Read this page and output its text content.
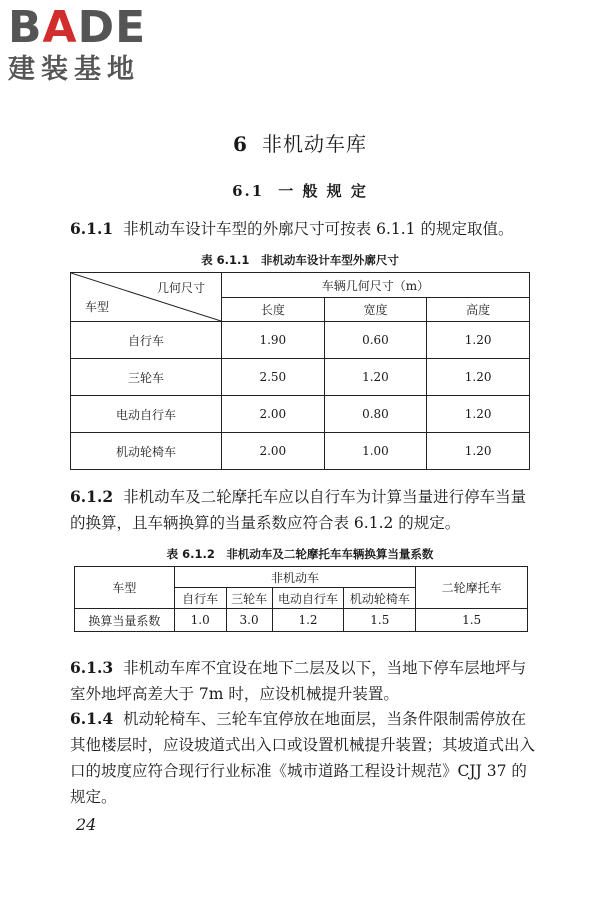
BADE
建装基地
6 非机动车库
6.1 一 般 规 定

6.1.1 非机动车设计车型的外廓尺寸可按表 6.1.1 的规定取值。

表 6.1.1　非机动车设计车型外廓尺寸
几何尺寸
车型	车辆几何尺寸（m）		
	长度	宽度	高度
自行车	1.90	0.60	1.20
三轮车	2.50	1.20	1.20
电动自行车	2.00	0.80	1.20
机动轮椅车	2.00	1.00	1.20

6.1.2 非机动车及二轮摩托车应以自行车为计算当量进行停车当量的换算，且车辆换算的当量系数应符合表 6.1.2 的规定。

表 6.1.2　非机动车及二轮摩托车车辆换算当量系数
车型	非机动车				二轮摩托车
	自行车	三轮车	电动自行车	机动轮椅车	
换算当量系数	1.0	3.0	1.2	1.5	1.5

6.1.3 非机动车库不宜设在地下二层及以下，当地下停车层地坪与室外地坪高差大于 7m 时，应设机械提升装置。

6.1.4 机动轮椅车、三轮车宜停放在地面层，当条件限制需停放在其他楼层时，应设坡道式出入口或设置机械提升装置；其坡道式出入口的坡度应符合现行行业标准《城市道路工程设计规范》CJJ 37 的规定。

24
